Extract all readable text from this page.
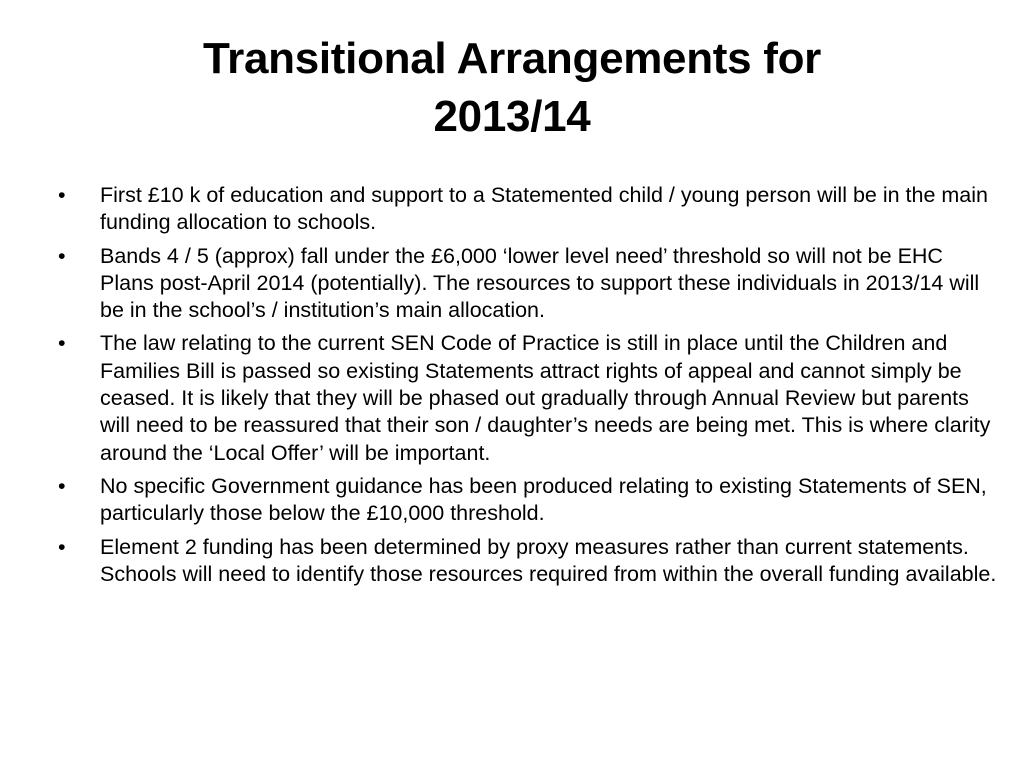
Transitional Arrangements for
2013/14
•	First £10 k of education and support to a Statemented child / young person will be in the main funding allocation to schools.
•	Bands 4 / 5 (approx) fall under the £6,000 ‘lower level need’ threshold so will not be EHC Plans post-April 2014 (potentially). The resources to support these individuals in 2013/14 will be in the school’s / institution’s main allocation.
•	The law relating to the current SEN Code of Practice is still in place until the Children and Families Bill is passed so existing Statements attract rights of appeal and cannot simply be ceased. It is likely that they will be phased out gradually through Annual Review but parents will need to be reassured that their son / daughter’s needs are being met. This is where clarity around the ‘Local Offer’ will be important.
•	No specific Government guidance has been produced relating to existing Statements of SEN, particularly those below the £10,000 threshold.
•	Element 2 funding has been determined by proxy measures rather than current statements. Schools will need to identify those resources required from within the overall funding available.
